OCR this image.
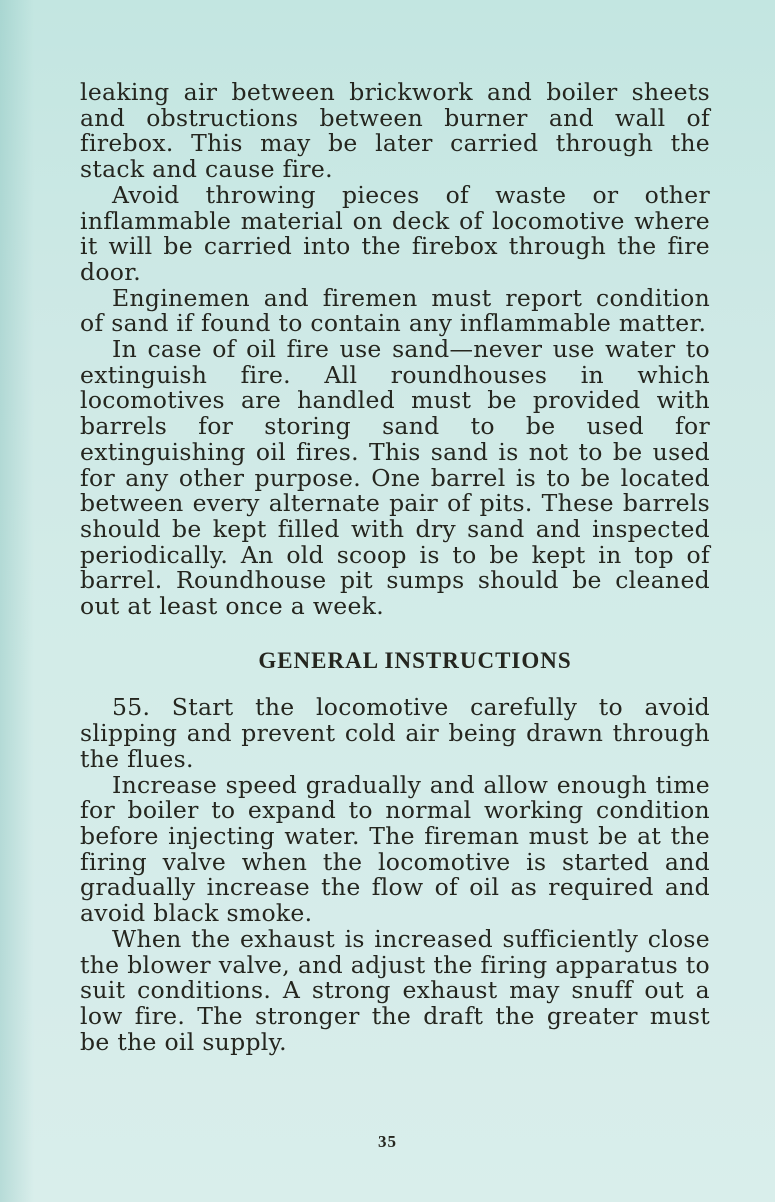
leaking air between brickwork and boiler sheets and obstructions between burner and wall of firebox. This may be later carried through the stack and cause fire.

Avoid throwing pieces of waste or other inflammable material on deck of locomotive where it will be carried into the firebox through the fire door.

Enginemen and firemen must report condition of sand if found to contain any inflammable matter.

In case of oil fire use sand—never use water to extinguish fire. All roundhouses in which locomotives are handled must be provided with barrels for storing sand to be used for extinguishing oil fires. This sand is not to be used for any other purpose. One barrel is to be located between every alternate pair of pits. These barrels should be kept filled with dry sand and inspected periodically. An old scoop is to be kept in top of barrel. Roundhouse pit sumps should be cleaned out at least once a week.

GENERAL INSTRUCTIONS

55. Start the locomotive carefully to avoid slipping and prevent cold air being drawn through the flues.

Increase speed gradually and allow enough time for boiler to expand to normal working condition before injecting water. The fireman must be at the firing valve when the locomotive is started and gradually increase the flow of oil as required and avoid black smoke.

When the exhaust is increased sufficiently close the blower valve, and adjust the firing apparatus to suit conditions. A strong exhaust may snuff out a low fire. The stronger the draft the greater must be the oil supply.

35
